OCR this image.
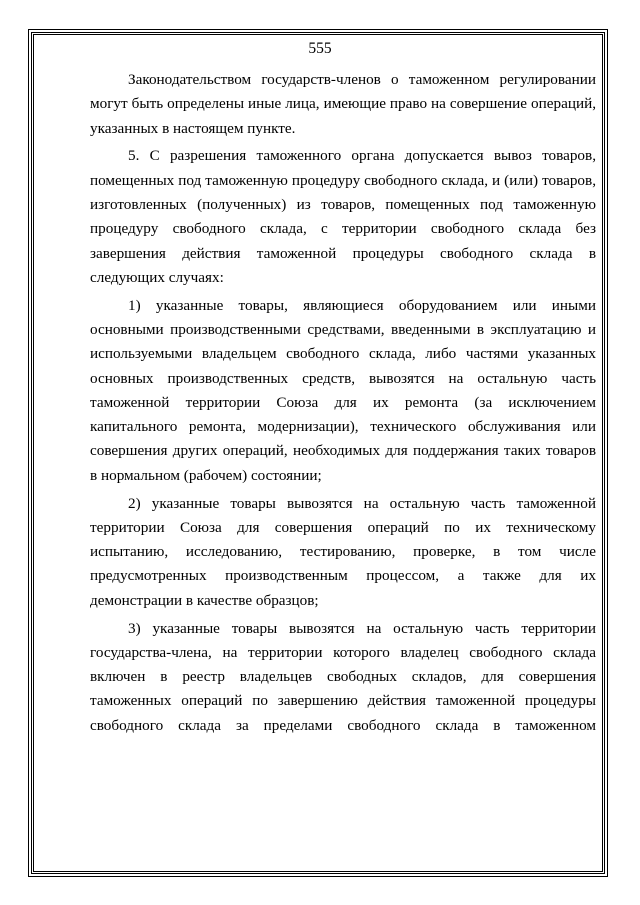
555

Законодательством государств-членов о таможенном регулировании могут быть определены иные лица, имеющие право на совершение операций, указанных в настоящем пункте.

5. С разрешения таможенного органа допускается вывоз товаров, помещенных под таможенную процедуру свободного склада, и (или) товаров, изготовленных (полученных) из товаров, помещенных под таможенную процедуру свободного склада, с территории свободного склада без завершения действия таможенной процедуры свободного склада в следующих случаях:

1) указанные товары, являющиеся оборудованием или иными основными производственными средствами, введенными в эксплуатацию и используемыми владельцем свободного склада, либо частями указанных основных производственных средств, вывозятся на остальную часть таможенной территории Союза для их ремонта (за исключением капитального ремонта, модернизации), технического обслуживания или совершения других операций, необходимых для поддержания таких товаров в нормальном (рабочем) состоянии;

2) указанные товары вывозятся на остальную часть таможенной территории Союза для совершения операций по их техническому испытанию, исследованию, тестированию, проверке, в том числе предусмотренных производственным процессом, а также для их демонстрации в качестве образцов;

3) указанные товары вывозятся на остальную часть территории государства-члена, на территории которого владелец свободного склада включен в реестр владельцев свободных складов, для совершения таможенных операций по завершению действия таможенной процедуры свободного склада за пределами свободного склада в таможенном
